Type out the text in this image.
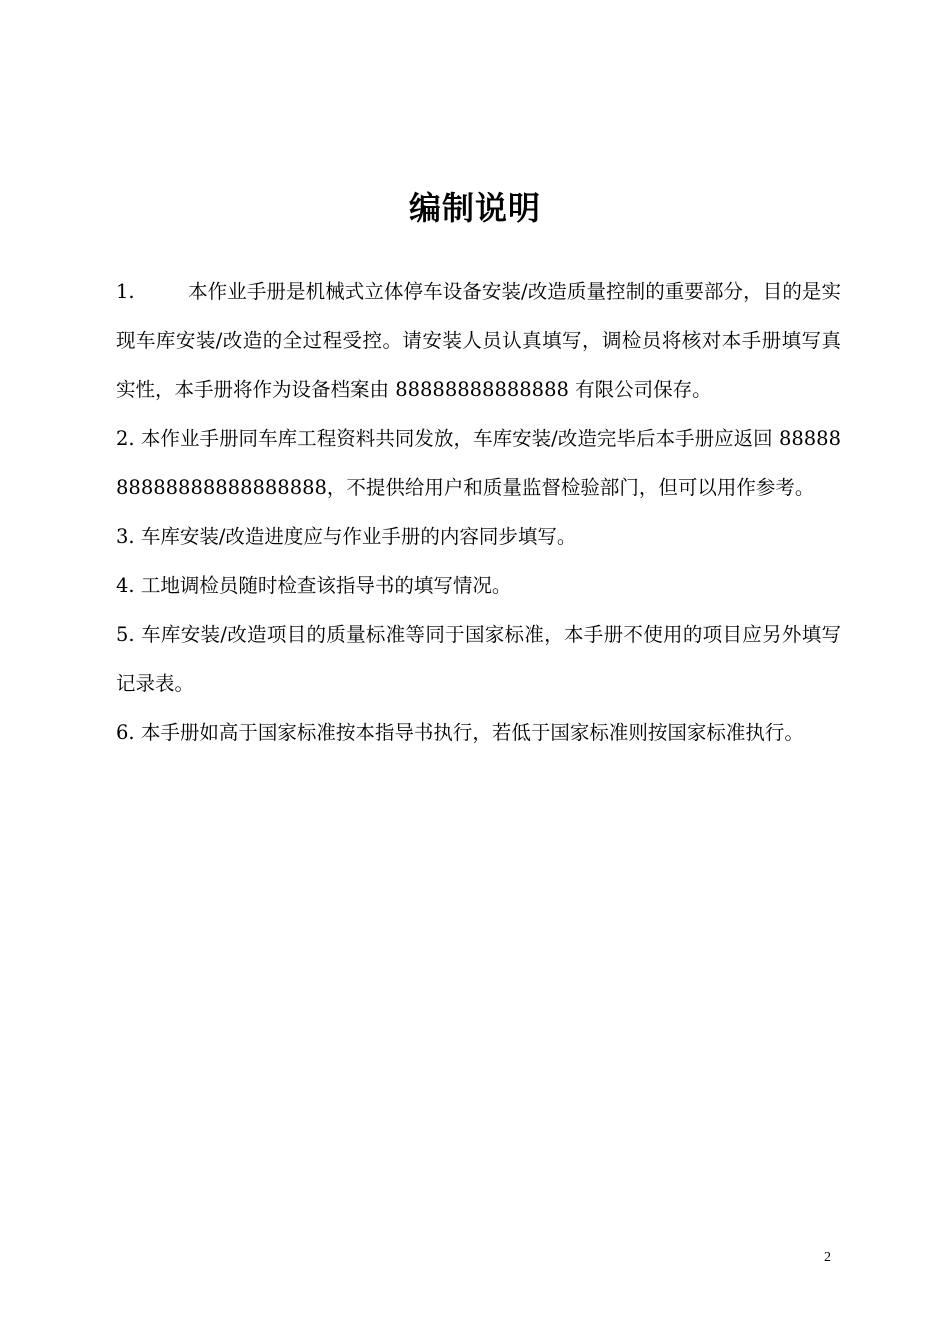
编制说明
1.	本作业手册是机械式立体停车设备安装/改造质量控制的重要部分，目的是实现车库安装/改造的全过程受控。请安装人员认真填写，调检员将核对本手册填写真实性，本手册将作为设备档案由 88888888888888 有限公司保存。
2. 本作业手册同车库工程资料共同发放，车库安装/改造完毕后本手册应返回 8888888888888888888888，不提供给用户和质量监督检验部门，但可以用作参考。
3. 车库安装/改造进度应与作业手册的内容同步填写。
4. 工地调检员随时检查该指导书的填写情况。
5. 车库安装/改造项目的质量标准等同于国家标准，本手册不使用的项目应另外填写记录表。
6. 本手册如高于国家标准按本指导书执行，若低于国家标准则按国家标准执行。
2
